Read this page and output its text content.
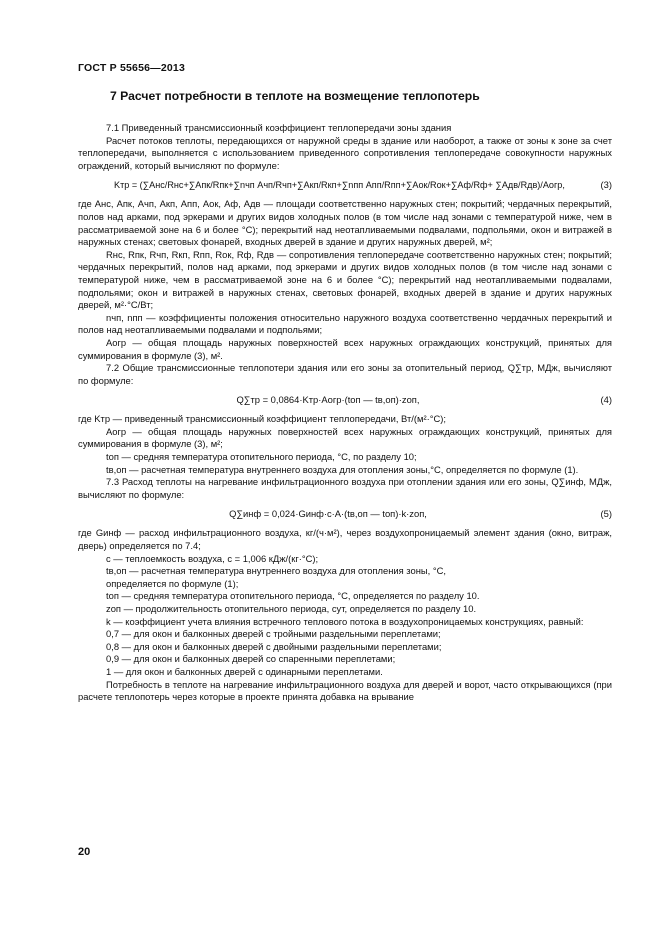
ГОСТ Р 55656—2013
7 Расчет потребности в теплоте на возмещение теплопотерь

7.1 Приведенный трансмиссионный коэффициент теплопередачи зоны здания

Расчет потоков теплоты, передающихся от наружной среды в здание или наоборот, а также от зоны к зоне за счет теплопередачи, выполняется с использованием приведенного сопротивления теплопередаче совокупности наружных ограждений, который вычисляют по формуле:

Kтр = (∑Aнс/Rнс+∑Aпк/Rпк+∑nчп Aчп/Rчп+∑Aкп/Rкп+∑nпп Aпп/Rпп+∑Aок/Rок+∑Aф/Rф+ ∑Aдв/Rдв)/Aогр,	(3)

где Aнс, Aпк, Aчп, Aкп, Aпп, Aок, Aф, Aдв — площади соответственно наружных стен; покрытий; чердачных перекрытий, полов над арками, под эркерами и других видов холодных полов (в том числе над зонами с температурой ниже, чем в рассматриваемой зоне на 6 и более °С); перекрытий над неотапливаемыми подвалами, подпольями, окон и витражей в наружных стенах; световых фонарей, входных дверей в здание и других наружных дверей, м²;

Rнс, Rпк, Rчп, Rкп, Rпп, Rок, Rф, Rдв — сопротивления теплопередаче соответственно наружных стен; покрытий; чердачных перекрытий, полов над арками, под эркерами и других видов холодных полов (в том числе над зонами с температурой ниже, чем в рассматриваемой зоне на 6 и более °С); перекрытий над неотапливаемыми подвалами, подпольями; окон и витражей в наружных стенах, световых фонарей, входных дверей в здание и других наружных дверей, м²·°С/Вт;

nчп, nпп — коэффициенты положения относительно наружного воздуха соответственно чердачных перекрытий и полов над неотапливаемыми подвалами и подпольями;

Aогр — общая площадь наружных поверхностей всех наружных ограждающих конструкций, принятых для суммирования в формуле (3), м².

7.2 Общие трансмиссионные теплопотери здания или его зоны за отопительный период, Q∑тр, МДж, вычисляют по формуле:

Q∑тр = 0,0864·Kтр·Aогр·(tоп — tв,оп)·zоп,	(4)

где Kтр — приведенный трансмиссионный коэффициент теплопередачи, Вт/(м²·°С);

Aогр — общая площадь наружных поверхностей всех наружных ограждающих конструкций, принятых для суммирования в формуле (3), м²;

tоп — средняя температура отопительного периода, °С, по разделу 10;

tв,оп — расчетная температура внутреннего воздуха для отопления зоны,°С, определяется по формуле (1).

7.3 Расход теплоты на нагревание инфильтрационного воздуха при отоплении здания или его зоны, Q∑инф, МДж, вычисляют по формуле:

Q∑инф = 0,024·Gинф·c·A·(tв,оп — tоп)·k·zоп,	(5)

где Gинф — расход инфильтрационного воздуха, кг/(ч·м²), через воздухопроницаемый элемент здания (окно, витраж, дверь) определяется по 7.4;

c — теплоемкость воздуха, c = 1,006 кДж/(кг·°С);

tв,оп — расчетная температура внутреннего воздуха для отопления зоны, °С,

определяется по формуле (1);

tоп — средняя температура отопительного периода, °С, определяется по разделу 10.

zоп — продолжительность отопительного периода, сут, определяется по разделу 10.

k — коэффициент учета влияния встречного теплового потока в воздухопроницаемых конструкциях, равный:

0,7 — для окон и балконных дверей с тройными раздельными переплетами;

0,8 — для окон и балконных дверей с двойными раздельными переплетами;

0,9 — для окон и балконных дверей со спаренными переплетами;

1 — для окон и балконных дверей с одинарными переплетами.

Потребность в теплоте на нагревание инфильтрационного воздуха для дверей и ворот, часто открывающихся (при расчете теплопотерь через которые в проекте принята добавка на врывание

20
